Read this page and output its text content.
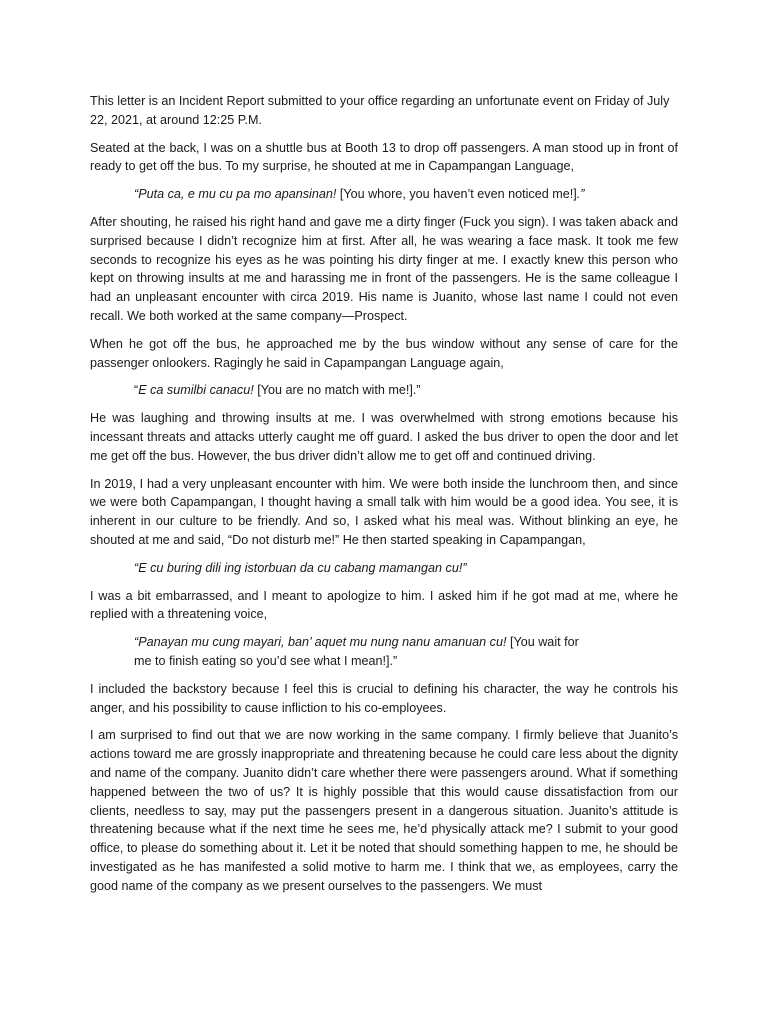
This letter is an Incident Report submitted to your office regarding an unfortunate event on Friday of July 22, 2021, at around 12:25 P.M.

Seated at the back, I was on a shuttle bus at Booth 13 to drop off passengers. A man stood up in front of ready to get off the bus. To my surprise, he shouted at me in Capampangan Language,

“Puta ca, e mu cu pa mo apansinan! [You whore, you haven’t even noticed me!].”

After shouting, he raised his right hand and gave me a dirty finger (Fuck you sign). I was taken aback and surprised because I didn’t recognize him at first. After all, he was wearing a face mask. It took me few seconds to recognize his eyes as he was pointing his dirty finger at me. I exactly knew this person who kept on throwing insults at me and harassing me in front of the passengers. He is the same colleague I had an unpleasant encounter with circa 2019. His name is Juanito, whose last name I could not even recall. We both worked at the same company—Prospect.

When he got off the bus, he approached me by the bus window without any sense of care for the passenger onlookers. Ragingly he said in Capampangan Language again,

“E ca sumilbi canacu! [You are no match with me!].”

He was laughing and throwing insults at me. I was overwhelmed with strong emotions because his incessant threats and attacks utterly caught me off guard. I asked the bus driver to open the door and let me get off the bus. However, the bus driver didn’t allow me to get off and continued driving.

In 2019, I had a very unpleasant encounter with him. We were both inside the lunchroom then, and since we were both Capampangan, I thought having a small talk with him would be a good idea. You see, it is inherent in our culture to be friendly. And so, I asked what his meal was. Without blinking an eye, he shouted at me and said, “Do not disturb me!” He then started speaking in Capampangan,

“E cu buring dili ing istorbuan da cu cabang mamangan cu!”

I was a bit embarrassed, and I meant to apologize to him. I asked him if he got mad at me, where he replied with a threatening voice,

“Panayan mu cung mayari, ban’ aquet mu nung nanu amanuan cu! [You wait for
me to finish eating so you’d see what I mean!].”

I included the backstory because I feel this is crucial to defining his character, the way he controls his anger, and his possibility to cause infliction to his co-employees.

I am surprised to find out that we are now working in the same company. I firmly believe that Juanito’s actions toward me are grossly inappropriate and threatening because he could care less about the dignity and name of the company. Juanito didn’t care whether there were passengers around. What if something happened between the two of us? It is highly possible that this would cause dissatisfaction from our clients, needless to say, may put the passengers present in a dangerous situation. Juanito’s attitude is threatening because what if the next time he sees me, he’d physically attack me? I submit to your good office, to please do something about it. Let it be noted that should something happen to me, he should be investigated as he has manifested a solid motive to harm me. I think that we, as employees, carry the good name of the company as we present ourselves to the passengers. We must
